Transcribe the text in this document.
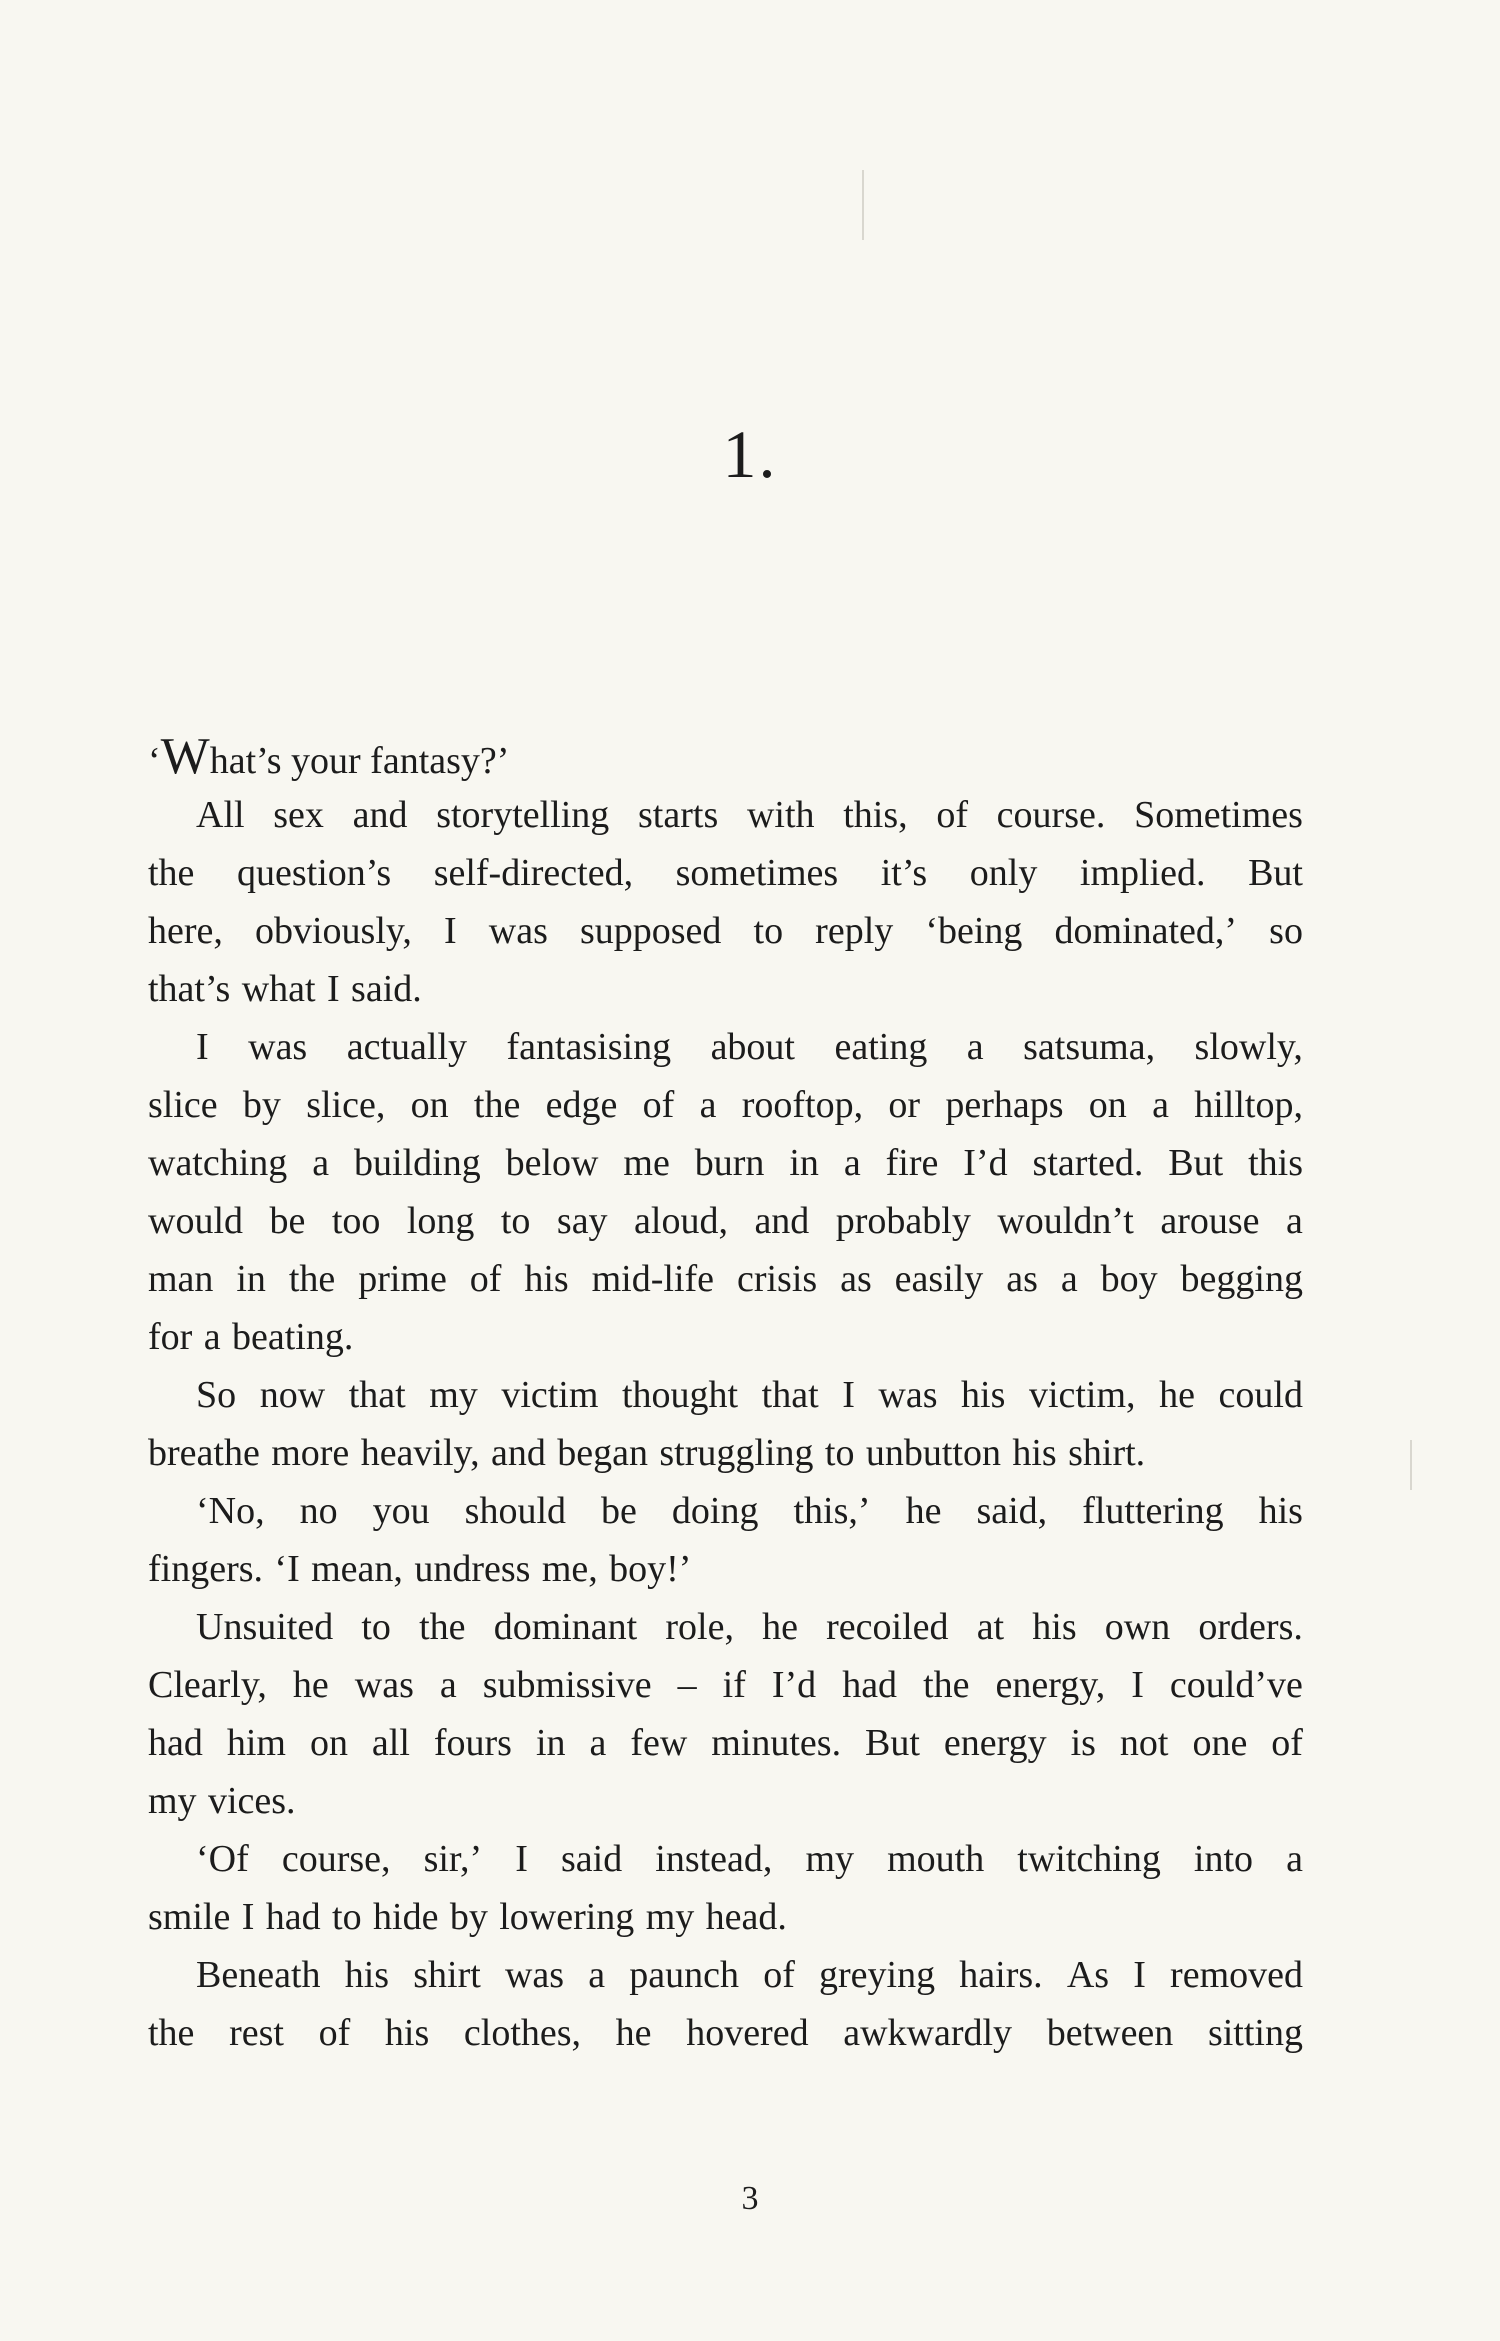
1.
‘What’s your fantasy?’
All sex and storytelling starts with this, of course. Sometimes
the question’s self-directed, sometimes it’s only implied. But
here, obviously, I was supposed to reply ‘being dominated,’ so
that’s what I said.
I was actually fantasising about eating a satsuma, slowly,
slice by slice, on the edge of a rooftop, or perhaps on a hilltop,
watching a building below me burn in a fire I’d started. But this
would be too long to say aloud, and probably wouldn’t arouse a
man in the prime of his mid-life crisis as easily as a boy begging
for a beating.
So now that my victim thought that I was his victim, he could
breathe more heavily, and began struggling to unbutton his shirt.
‘No, no you should be doing this,’ he said, fluttering his
fingers. ‘I mean, undress me, boy!’
Unsuited to the dominant role, he recoiled at his own orders.
Clearly, he was a submissive – if I’d had the energy, I could’ve
had him on all fours in a few minutes. But energy is not one of
my vices.
‘Of course, sir,’ I said instead, my mouth twitching into a
smile I had to hide by lowering my head.
Beneath his shirt was a paunch of greying hairs. As I removed
the rest of his clothes, he hovered awkwardly between sitting
3
